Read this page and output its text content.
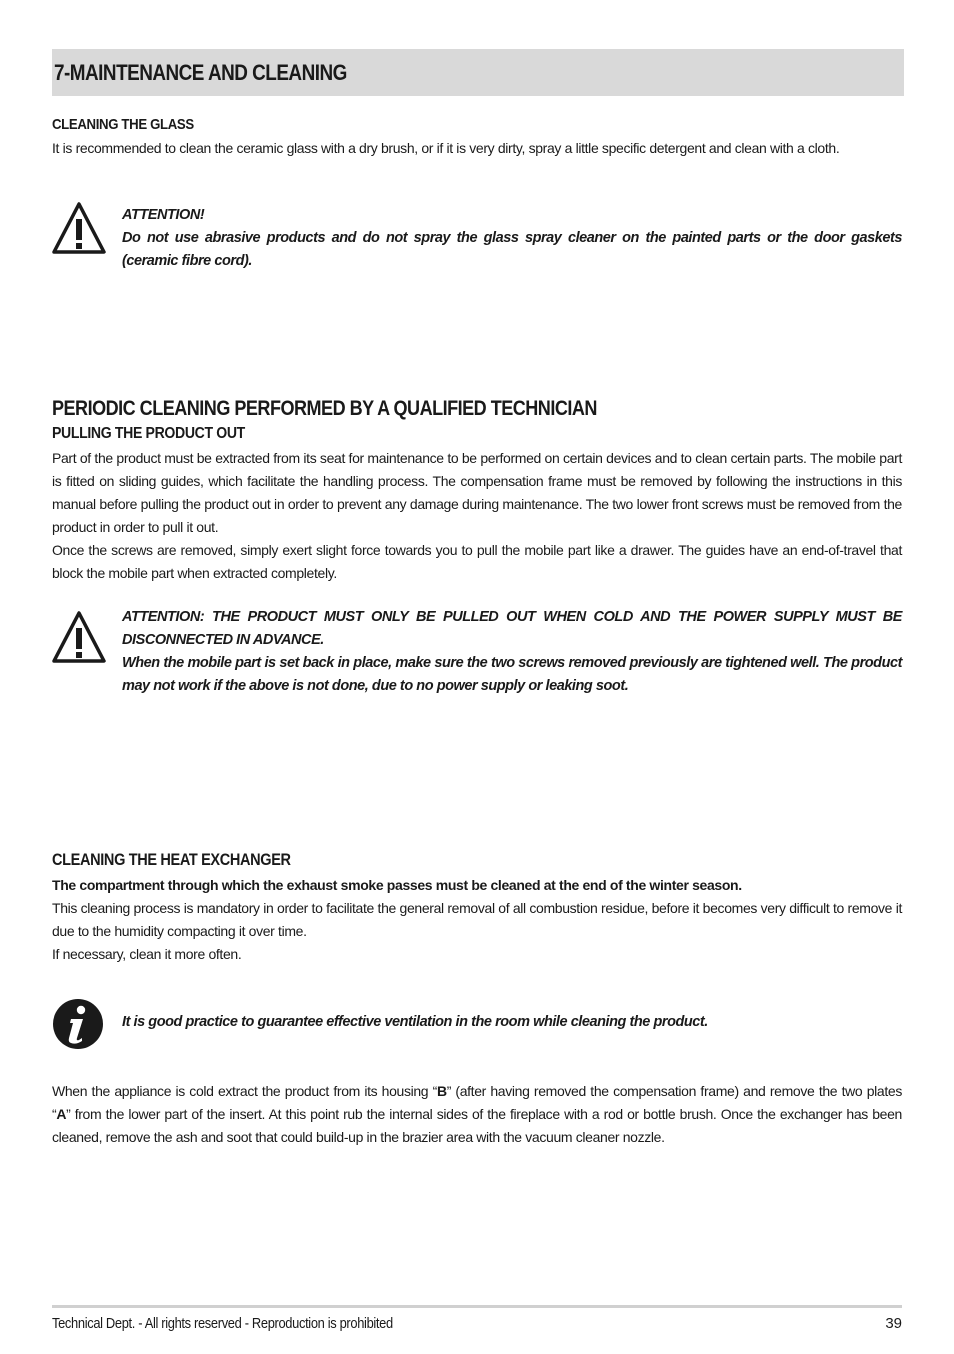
7-MAINTENANCE AND CLEANING
CLEANING THE GLASS

It is recommended to clean the ceramic glass with a dry brush, or if it is very dirty, spray a little specific detergent and clean with a cloth.

ATTENTION!

Do not use abrasive products and do not spray the glass spray cleaner on the painted parts or the door gaskets (ceramic fibre cord).

PERIODIC CLEANING PERFORMED BY A QUALIFIED TECHNICIAN
PULLING THE PRODUCT OUT

Part of the product must be extracted from its seat for maintenance to be performed on certain devices and to clean certain parts. The mobile part is fitted on sliding guides, which facilitate the handling process. The compensation frame must be removed by following the instructions in this manual before pulling the product out in order to prevent any damage during maintenance. The two lower front screws must be removed from the product in order to pull it out.

Once the screws are removed, simply exert slight force towards you to pull the mobile part like a drawer. The guides have an end-of-travel that block the mobile part when extracted completely.

ATTENTION: THE PRODUCT MUST ONLY BE PULLED OUT WHEN COLD AND THE POWER SUPPLY MUST BE DISCONNECTED IN ADVANCE.

When the mobile part is set back in place, make sure the two screws removed previously are tightened well. The product may not work if the above is not done, due to no power supply or leaking soot.

CLEANING THE HEAT EXCHANGER

The compartment through which the exhaust smoke passes must be cleaned at the end of the winter season.

This cleaning process is mandatory in order to facilitate the general removal of all combustion residue, before it becomes very difficult to remove it due to the humidity compacting it over time.

If necessary, clean it more often.

It is good practice to guarantee effective ventilation in the room while cleaning the product.

When the appliance is cold extract the product from its housing “B” (after having removed the compensation frame) and remove the two plates “A” from the lower part of the insert. At this point rub the internal sides of the fireplace with a rod or bottle brush. Once the exchanger has been cleaned, remove the ash and soot that could build-up in the brazier area with the vacuum cleaner nozzle.

Technical Dept. - All rights reserved - Reproduction is prohibited	39
